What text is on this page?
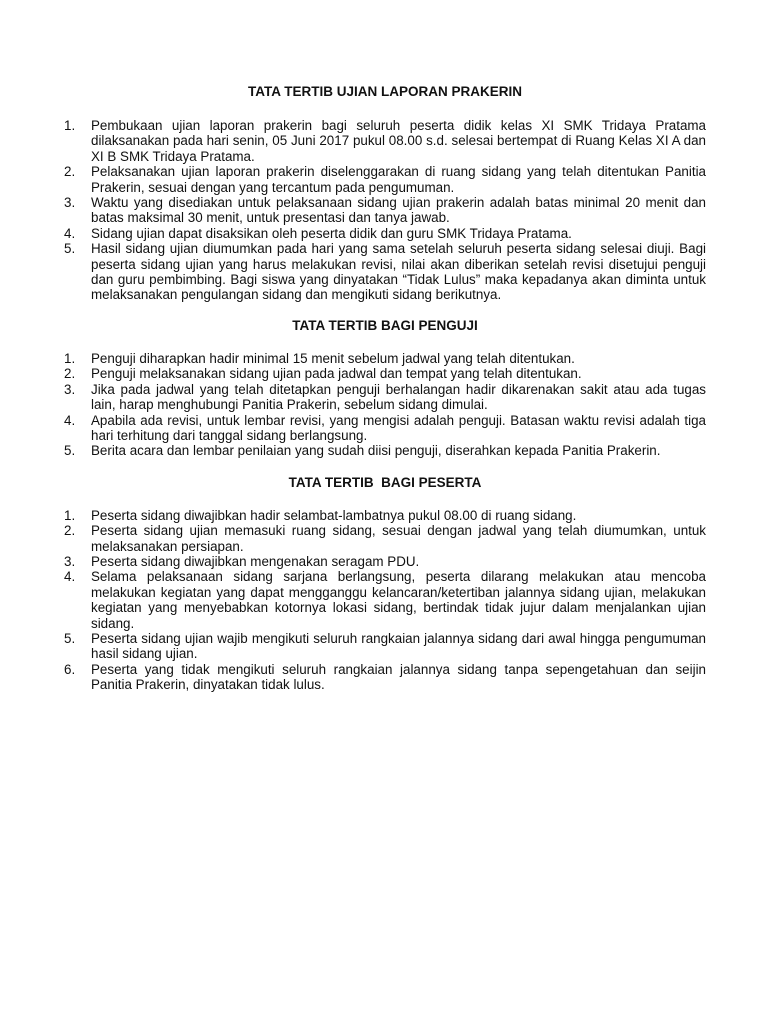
TATA TERTIB UJIAN LAPORAN PRAKERIN
1.	Pembukaan ujian laporan prakerin bagi seluruh peserta didik kelas XI SMK Tridaya Pratama dilaksanakan pada hari senin, 05 Juni 2017 pukul 08.00 s.d. selesai bertempat di Ruang Kelas XI A dan XI B SMK Tridaya Pratama.
2.	Pelaksanakan ujian laporan prakerin diselenggarakan di ruang sidang yang telah ditentukan Panitia Prakerin, sesuai dengan yang tercantum pada pengumuman.
3.	Waktu yang disediakan untuk pelaksanaan sidang ujian prakerin adalah batas minimal 20 menit dan batas maksimal 30 menit, untuk presentasi dan tanya jawab.
4.	Sidang ujian dapat disaksikan oleh peserta didik dan guru SMK Tridaya Pratama.
5.	Hasil sidang ujian diumumkan pada hari yang sama setelah seluruh peserta sidang selesai diuji. Bagi peserta sidang ujian yang harus melakukan revisi, nilai akan diberikan setelah revisi disetujui penguji dan guru pembimbing. Bagi siswa yang dinyatakan “Tidak Lulus” maka kepadanya akan diminta untuk melaksanakan pengulangan sidang dan mengikuti sidang berikutnya.
TATA TERTIB BAGI PENGUJI
1.	Penguji diharapkan hadir minimal 15 menit sebelum jadwal yang telah ditentukan.
2.	Penguji melaksanakan sidang ujian pada jadwal dan tempat yang telah ditentukan.
3.	Jika pada jadwal yang telah ditetapkan penguji berhalangan hadir dikarenakan sakit atau ada tugas lain, harap menghubungi Panitia Prakerin, sebelum sidang dimulai.
4.	Apabila ada revisi, untuk lembar revisi, yang mengisi adalah penguji. Batasan waktu revisi adalah tiga hari terhitung dari tanggal sidang berlangsung.
5.	Berita acara dan lembar penilaian yang sudah diisi penguji, diserahkan kepada Panitia Prakerin.
TATA TERTIB  BAGI PESERTA
1.	Peserta sidang diwajibkan hadir selambat-lambatnya pukul 08.00 di ruang sidang.
2.	Peserta sidang ujian memasuki ruang sidang, sesuai dengan jadwal yang telah diumumkan, untuk melaksanakan persiapan.
3.	Peserta sidang diwajibkan mengenakan seragam PDU.
4.	Selama pelaksanaan sidang sarjana berlangsung, peserta dilarang melakukan atau mencoba melakukan kegiatan yang dapat mengganggu kelancaran/ketertiban jalannya sidang ujian, melakukan kegiatan yang menyebabkan kotornya lokasi sidang, bertindak tidak jujur dalam menjalankan ujian sidang.
5.	Peserta sidang ujian wajib mengikuti seluruh rangkaian jalannya sidang dari awal hingga pengumuman hasil sidang ujian.
6.	Peserta yang tidak mengikuti seluruh rangkaian jalannya sidang tanpa sepengetahuan dan seijin Panitia Prakerin, dinyatakan tidak lulus.
